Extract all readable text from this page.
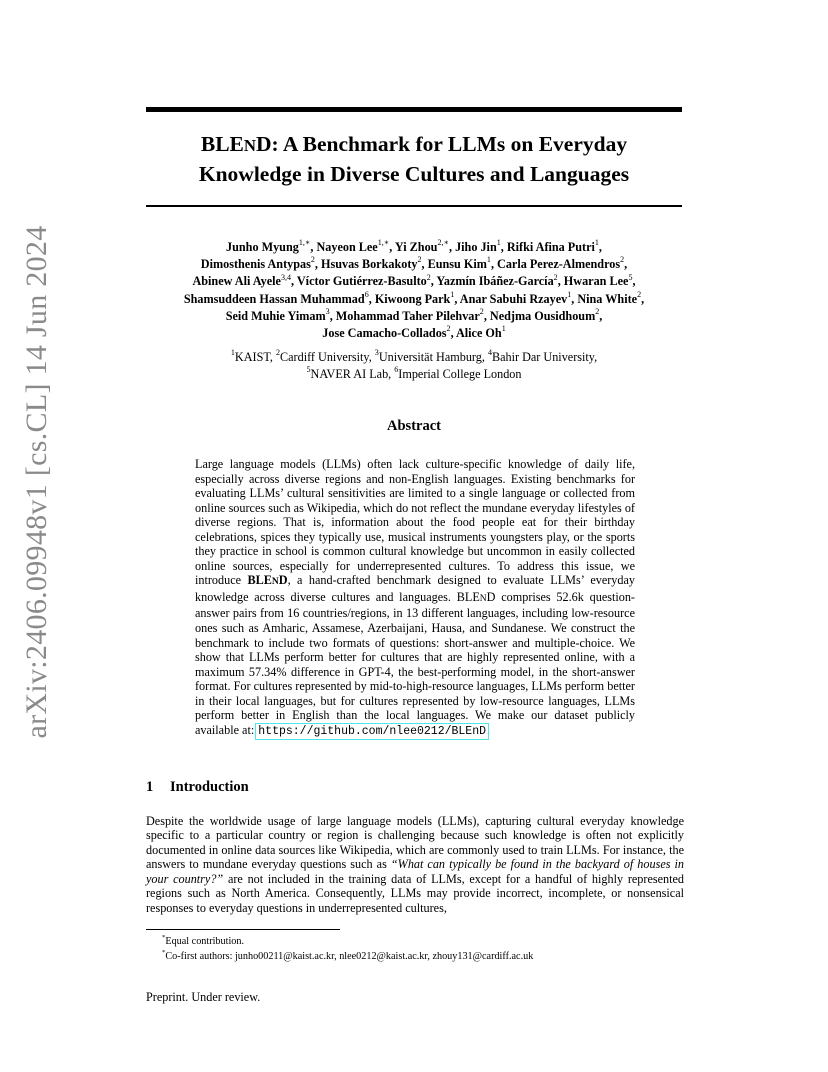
arXiv:2406.09948v1 [cs.CL] 14 Jun 2024
BLEND: A Benchmark for LLMs on Everyday
Knowledge in Diverse Cultures and Languages
Junho Myung$^{1,∗}$, Nayeon Lee$^{1,∗}$, Yi Zhou$^{2,∗}$, Jiho Jin$^1$, Rifki Afina Putri$^1$,
Dimosthenis Antypas$^2$, Hsuvas Borkakoty$^2$, Eunsu Kim$^1$, Carla Perez-Almendros$^2$,
Abinew Ali Ayele$^{3,4}$, Víctor Gutiérrez-Basulto$^2$, Yazmín Ibáñez-García$^2$, Hwaran Lee$^5$,
Shamsuddeen Hassan Muhammad$^6$, Kiwoong Park$^1$, Anar Sabuhi Rzayev$^1$, Nina White$^2$,
Seid Muhie Yimam$^3$, Mohammad Taher Pilehvar$^2$, Nedjma Ousidhoum$^2$,
Jose Camacho-Collados$^2$, Alice Oh$^1$
$^1$KAIST, $^2$Cardiff University, $^3$Universität Hamburg, $^4$Bahir Dar University,
$^5$NAVER AI Lab, $^6$Imperial College London
Abstract
Large language models (LLMs) often lack culture-specific knowledge of daily life, especially across diverse regions and non-English languages. Existing benchmarks for evaluating LLMs’ cultural sensitivities are limited to a single language or collected from online sources such as Wikipedia, which do not reflect the mundane everyday lifestyles of diverse regions. That is, information about the food people eat for their birthday celebrations, spices they typically use, musical instruments youngsters play, or the sports they practice in school is common cultural knowledge but uncommon in easily collected online sources, especially for underrepresented cultures. To address this issue, we introduce BLEND, a hand-crafted benchmark designed to evaluate LLMs’ everyday knowledge across diverse cultures and languages. BLEND comprises 52.6k question-answer pairs from 16 countries/regions, in 13 different languages, including low-resource ones such as Amharic, Assamese, Azerbaijani, Hausa, and Sundanese. We construct the benchmark to include two formats of questions: short-answer and multiple-choice. We show that LLMs perform better for cultures that are highly represented online, with a maximum 57.34% difference in GPT-4, the best-performing model, in the short-answer format. For cultures represented by mid-to-high-resource languages, LLMs perform better in their local languages, but for cultures represented by low-resource languages, LLMs perform better in English than the local languages. We make our dataset publicly available at: https://github.com/nlee0212/BLEnD.
1 Introduction
Despite the worldwide usage of large language models (LLMs), capturing cultural everyday knowledge specific to a particular country or region is challenging because such knowledge is often not explicitly documented in online data sources like Wikipedia, which are commonly used to train LLMs. For instance, the answers to mundane everyday questions such as “What can typically be found in the backyard of houses in your country?” are not included in the training data of LLMs, except for a handful of highly represented regions such as North America. Consequently, LLMs may provide incorrect, incomplete, or nonsensical responses to everyday questions in underrepresented cultures,
*Equal contribution.
*Co-first authors: junho00211@kaist.ac.kr, nlee0212@kaist.ac.kr, zhouy131@cardiff.ac.uk
Preprint. Under review.
